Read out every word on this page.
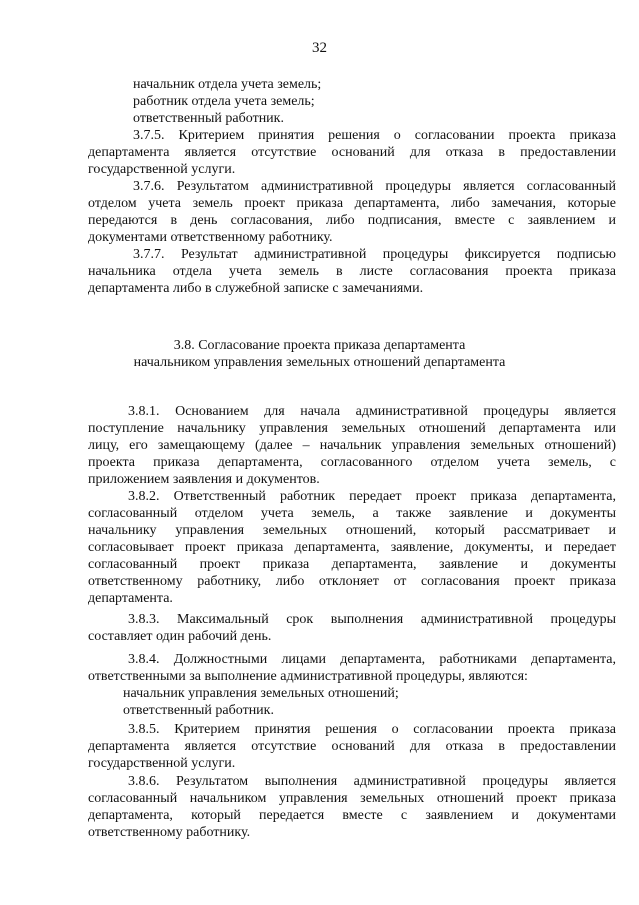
32
начальник отдела учета земель;
работник отдела учета земель;
ответственный работник.
3.7.5. Критерием принятия решения о согласовании проекта приказа
департамента является отсутствие оснований для отказа в предоставлении
государственной услуги.
3.7.6. Результатом административной процедуры является согласованный
отделом учета земель проект приказа департамента, либо замечания, которые
передаются в день согласования, либо подписания, вместе с заявлением и
документами ответственному работнику.
3.7.7. Результат административной процедуры фиксируется подписью
начальника отдела учета земель в листе согласования проекта приказа
департамента либо в служебной записке с замечаниями.
3.8. Согласование проекта приказа департамента
начальником управления земельных отношений департамента
3.8.1. Основанием для начала административной процедуры является
поступление начальнику управления земельных отношений департамента или
лицу, его замещающему (далее – начальник управления земельных отношений)
проекта приказа департамента, согласованного отделом учета земель, с
приложением заявления и документов.
3.8.2. Ответственный работник передает проект приказа департамента,
согласованный отделом учета земель, а также заявление и документы
начальнику управления земельных отношений, который рассматривает и
согласовывает проект приказа департамента, заявление, документы, и передает
согласованный проект приказа департамента, заявление и документы
ответственному работнику, либо отклоняет от согласования проект приказа
департамента.
3.8.3. Максимальный срок выполнения административной процедуры
составляет один рабочий день.
3.8.4. Должностными лицами департамента, работниками департамента,
ответственными за выполнение административной процедуры, являются:
начальник управления земельных отношений;
ответственный работник.
3.8.5. Критерием принятия решения о согласовании проекта приказа
департамента является отсутствие оснований для отказа в предоставлении
государственной услуги.
3.8.6. Результатом выполнения административной процедуры является
согласованный начальником управления земельных отношений проект приказа
департамента, который передается вместе с заявлением и документами
ответственному работнику.
